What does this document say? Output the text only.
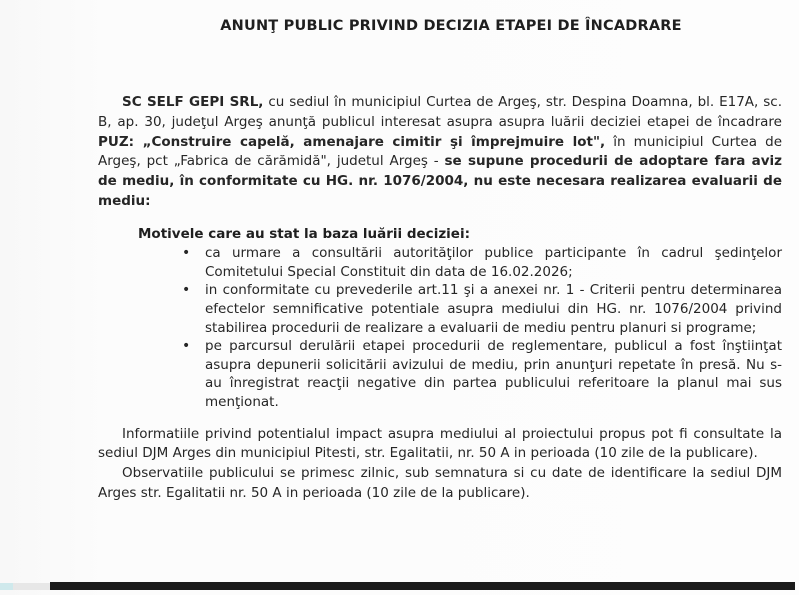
ANUNŢ PUBLIC PRIVIND DECIZIA ETAPEI DE ÎNCADRARE

SC SELF GEPI SRL, cu sediul în municipiul Curtea de Argeş, str. Despina Doamna, bl. E17A, sc. B, ap. 30, judeţul Argeş anunţă publicul interesat asupra asupra luării deciziei etapei de încadrare PUZ: „Construire capelă, amenajare cimitir şi împrejmuire lot", în municipiul Curtea de Argeş, pct „Fabrica de cărămidă", judetul Argeş - se supune procedurii de adoptare fara aviz de mediu, în conformitate cu HG. nr. 1076/2004, nu este necesara realizarea evaluarii de mediu:

Motivele care au stat la baza luării deciziei:

• ca urmare a consultării autorităţilor publice participante în cadrul şedinţelor Comitetului Special Constituit din data de 16.02.2026;
• in conformitate cu prevederile art.11 şi a anexei nr. 1 - Criterii pentru determinarea efectelor semnificative potentiale asupra mediului din HG. nr. 1076/2004 privind stabilirea procedurii de realizare a evaluarii de mediu pentru planuri si programe;
• pe parcursul derulării etapei procedurii de reglementare, publicul a fost înştiinţat asupra depunerii solicitării avizului de mediu, prin anunţuri repetate în presă. Nu s-au înregistrat reacţii negative din partea publicului referitoare la planul mai sus menţionat.

Informatiile privind potentialul impact asupra mediului al proiectului propus pot fi consultate la sediul DJM Arges din municipiul Pitesti, str. Egalitatii, nr. 50 A in perioada (10 zile de la publicare).

Observatiile publicului se primesc zilnic, sub semnatura si cu date de identificare la sediul DJM Arges str. Egalitatii nr. 50 A in perioada (10 zile de la publicare).
